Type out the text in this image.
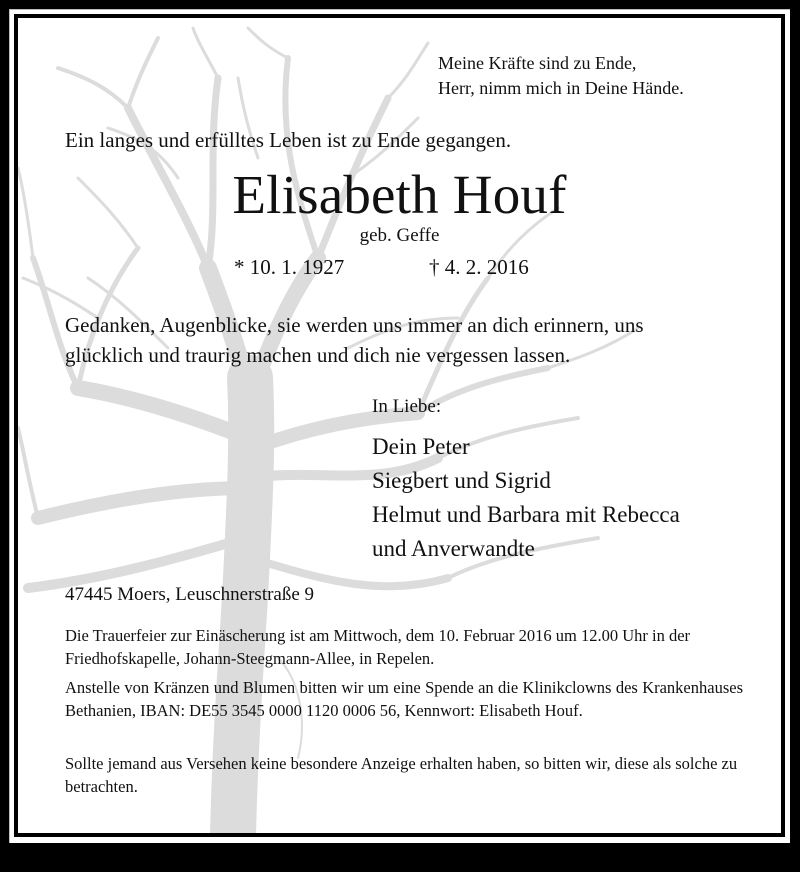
Meine Kräfte sind zu Ende,
Herr, nimm mich in Deine Hände.
Ein langes und erfülltes Leben ist zu Ende gegangen.
Elisabeth Houf
geb. Geffe
* 10. 1. 1927	† 4. 2. 2016
Gedanken, Augenblicke, sie werden uns immer an dich erinnern, uns
glücklich und traurig machen und dich nie vergessen lassen.
In Liebe:
Dein Peter
Siegbert und Sigrid
Helmut und Barbara mit Rebecca
und Anverwandte
47445 Moers, Leuschnerstraße 9
Die Trauerfeier zur Einäscherung ist am Mittwoch, dem 10. Februar 2016 um 12.00 Uhr in der Friedhofskapelle, Johann-Steegmann-Allee, in Repelen.
Anstelle von Kränzen und Blumen bitten wir um eine Spende an die Klinikclowns des Krankenhauses Bethanien, IBAN: DE55 3545 0000 1120 0006 56, Kennwort: Elisabeth Houf.
Sollte jemand aus Versehen keine besondere Anzeige erhalten haben, so bitten wir, diese als solche zu betrachten.
